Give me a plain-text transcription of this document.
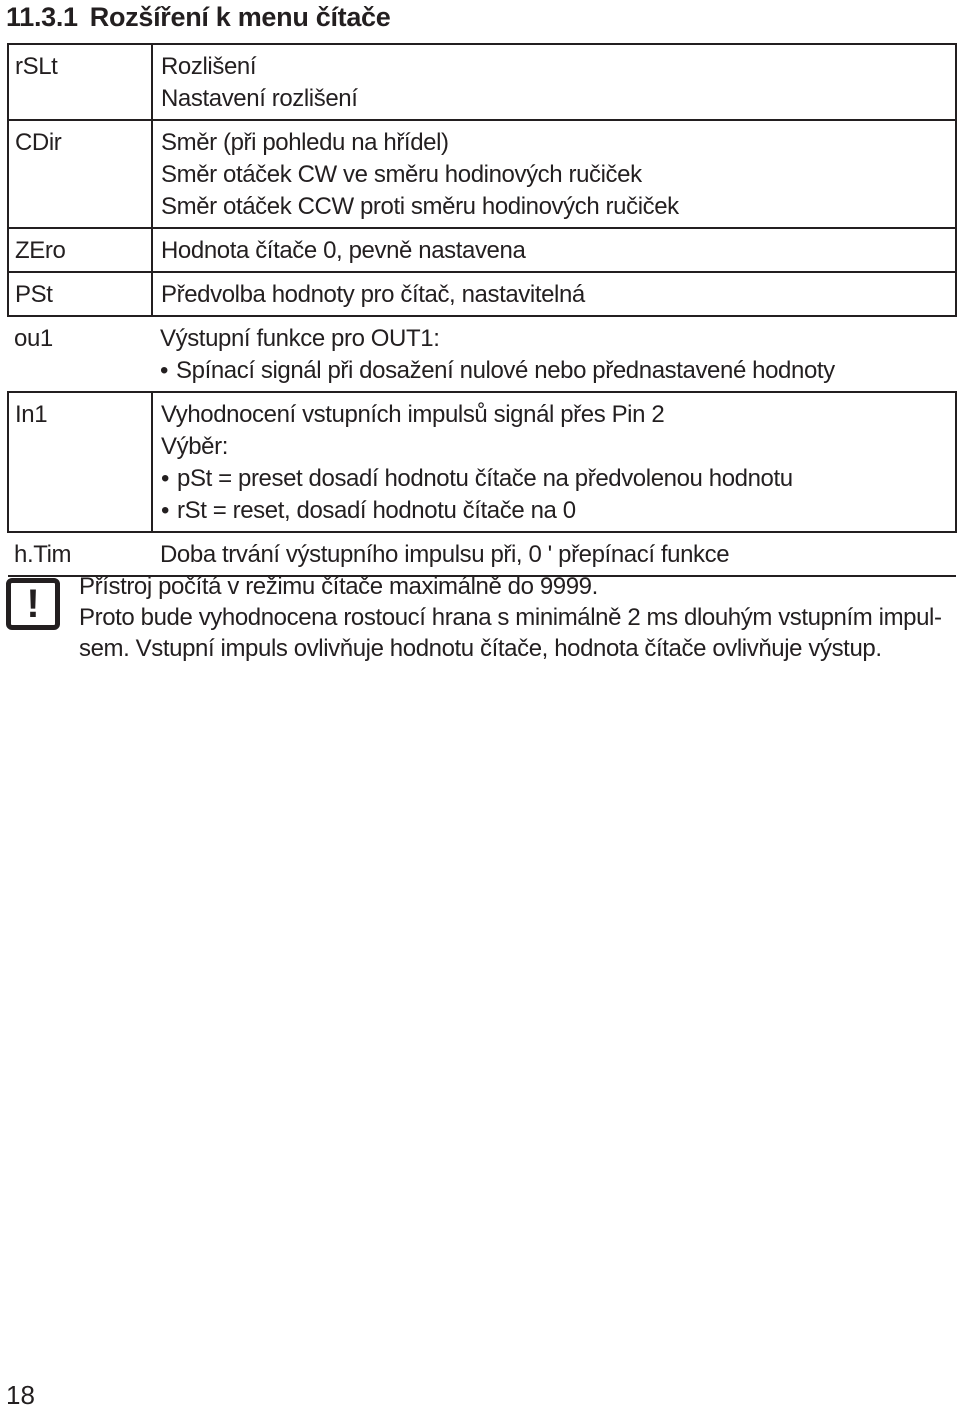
11.3.1 Rozšíření k menu čítače
rSLt	Rozlišení
Nastavení rozlišení

CDir	Směr (při pohledu na hřídel)
Směr otáček CW ve směru hodinových ručiček
Směr otáček CCW proti směru hodinových ručiček

ZEro	Hodnota čítače 0, pevně nastavena

PSt	Předvolba hodnoty pro čítač, nastavitelná

ou1	Výstupní funkce pro OUT1:
• Spínací signál při dosažení nulové nebo přednastavené hodnoty

In1	Vyhodnocení vstupních impulsů signál přes Pin 2
Výběr:
• pSt = preset dosadí hodnotu čítače na předvolenou hodnotu
• rSt = reset, dosadí hodnotu čítače na 0

h.Tim	Doba trvání výstupního impulsu při, 0 ' přepínací funkce
! Přístroj počítá v režimu čítače maximálně do 9999.
Proto bude vyhodnocena rostoucí hrana s minimálně 2 ms dlouhým vstupním impul-
sem. Vstupní impuls ovlivňuje hodnotu čítače, hodnota čítače ovlivňuje výstup.
18
